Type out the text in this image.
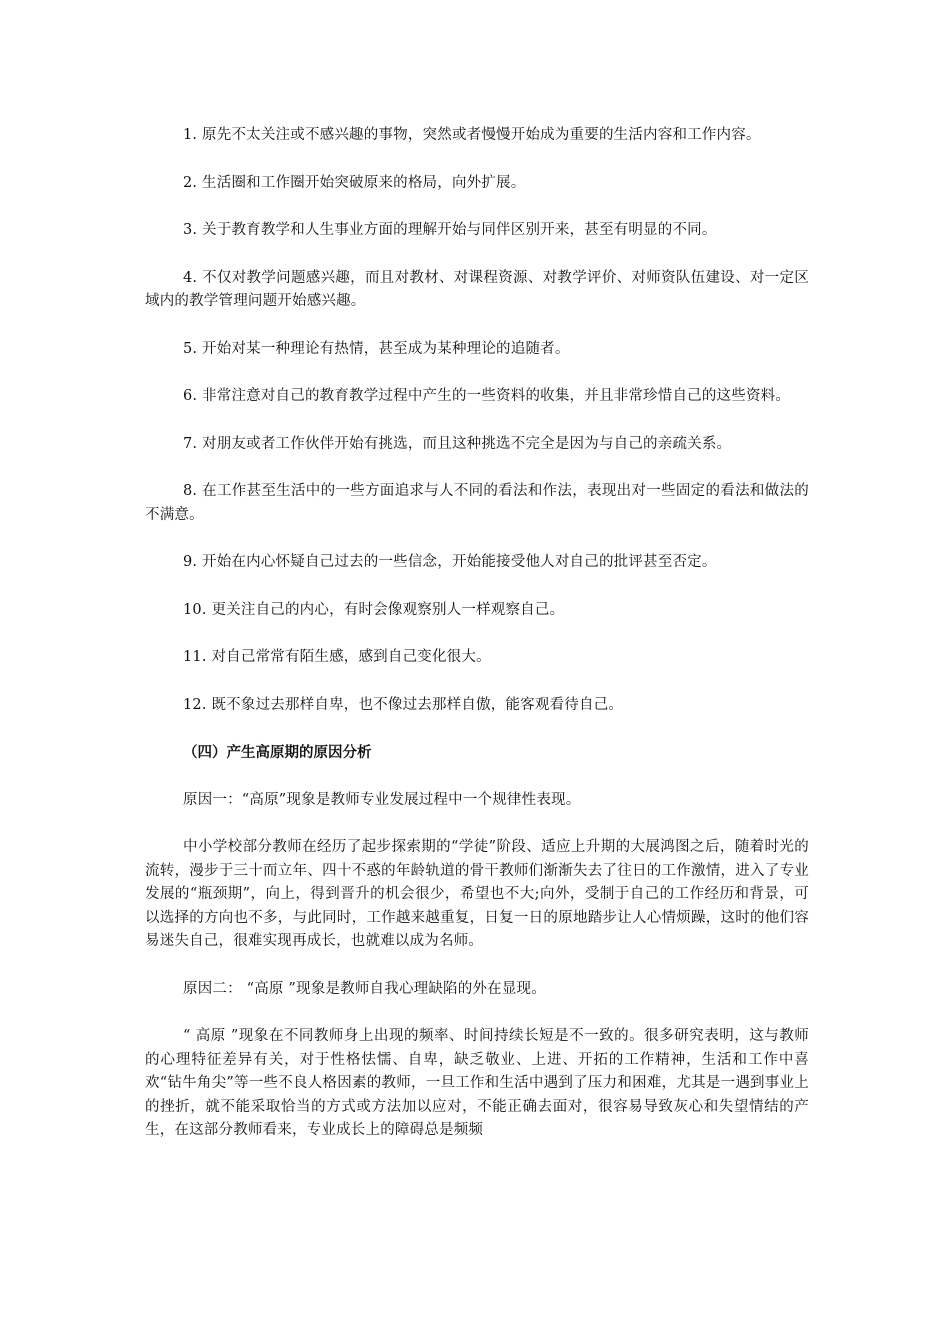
1. 原先不太关注或不感兴趣的事物，突然或者慢慢开始成为重要的生活内容和工作内容。

2. 生活圈和工作圈开始突破原来的格局，向外扩展。

3. 关于教育教学和人生事业方面的理解开始与同伴区别开来，甚至有明显的不同。

4. 不仅对教学问题感兴趣，而且对教材、对课程资源、对教学评价、对师资队伍建设、对一定区域内的教学管理问题开始感兴趣。

5. 开始对某一种理论有热情，甚至成为某种理论的追随者。

6. 非常注意对自己的教育教学过程中产生的一些资料的收集，并且非常珍惜自己的这些资料。

7. 对朋友或者工作伙伴开始有挑选，而且这种挑选不完全是因为与自己的亲疏关系。

8. 在工作甚至生活中的一些方面追求与人不同的看法和作法，表现出对一些固定的看法和做法的不满意。

9. 开始在内心怀疑自己过去的一些信念，开始能接受他人对自己的批评甚至否定。

10. 更关注自己的内心，有时会像观察别人一样观察自己。

11. 对自己常常有陌生感，感到自己变化很大。

12. 既不象过去那样自卑，也不像过去那样自傲，能客观看待自己。

（四）产生高原期的原因分析

原因一：“高原”现象是教师专业发展过程中一个规律性表现。

中小学校部分教师在经历了起步探索期的“学徒”阶段、适应上升期的大展鸿图之后，随着时光的流转，漫步于三十而立年、四十不惑的年龄轨道的骨干教师们渐渐失去了往日的工作激情，进入了专业发展的“瓶颈期”，向上，得到晋升的机会很少，希望也不大;向外，受制于自己的工作经历和背景，可以选择的方向也不多，与此同时，工作越来越重复，日复一日的原地踏步让人心情烦躁，这时的他们容易迷失自己，很难实现再成长，也就难以成为名师。

原因二： “高原 ”现象是教师自我心理缺陷的外在显现。

“ 高原 ”现象在不同教师身上出现的频率、时间持续长短是不一致的。很多研究表明，这与教师的心理特征差异有关，对于性格怯懦、自卑，缺乏敬业、上进、开拓的工作精神，生活和工作中喜欢“钻牛角尖”等一些不良人格因素的教师，一旦工作和生活中遇到了压力和困难，尤其是一遇到事业上的挫折，就不能采取恰当的方式或方法加以应对，不能正确去面对，很容易导致灰心和失望情结的产生，在这部分教师看来，专业成长上的障碍总是频频
